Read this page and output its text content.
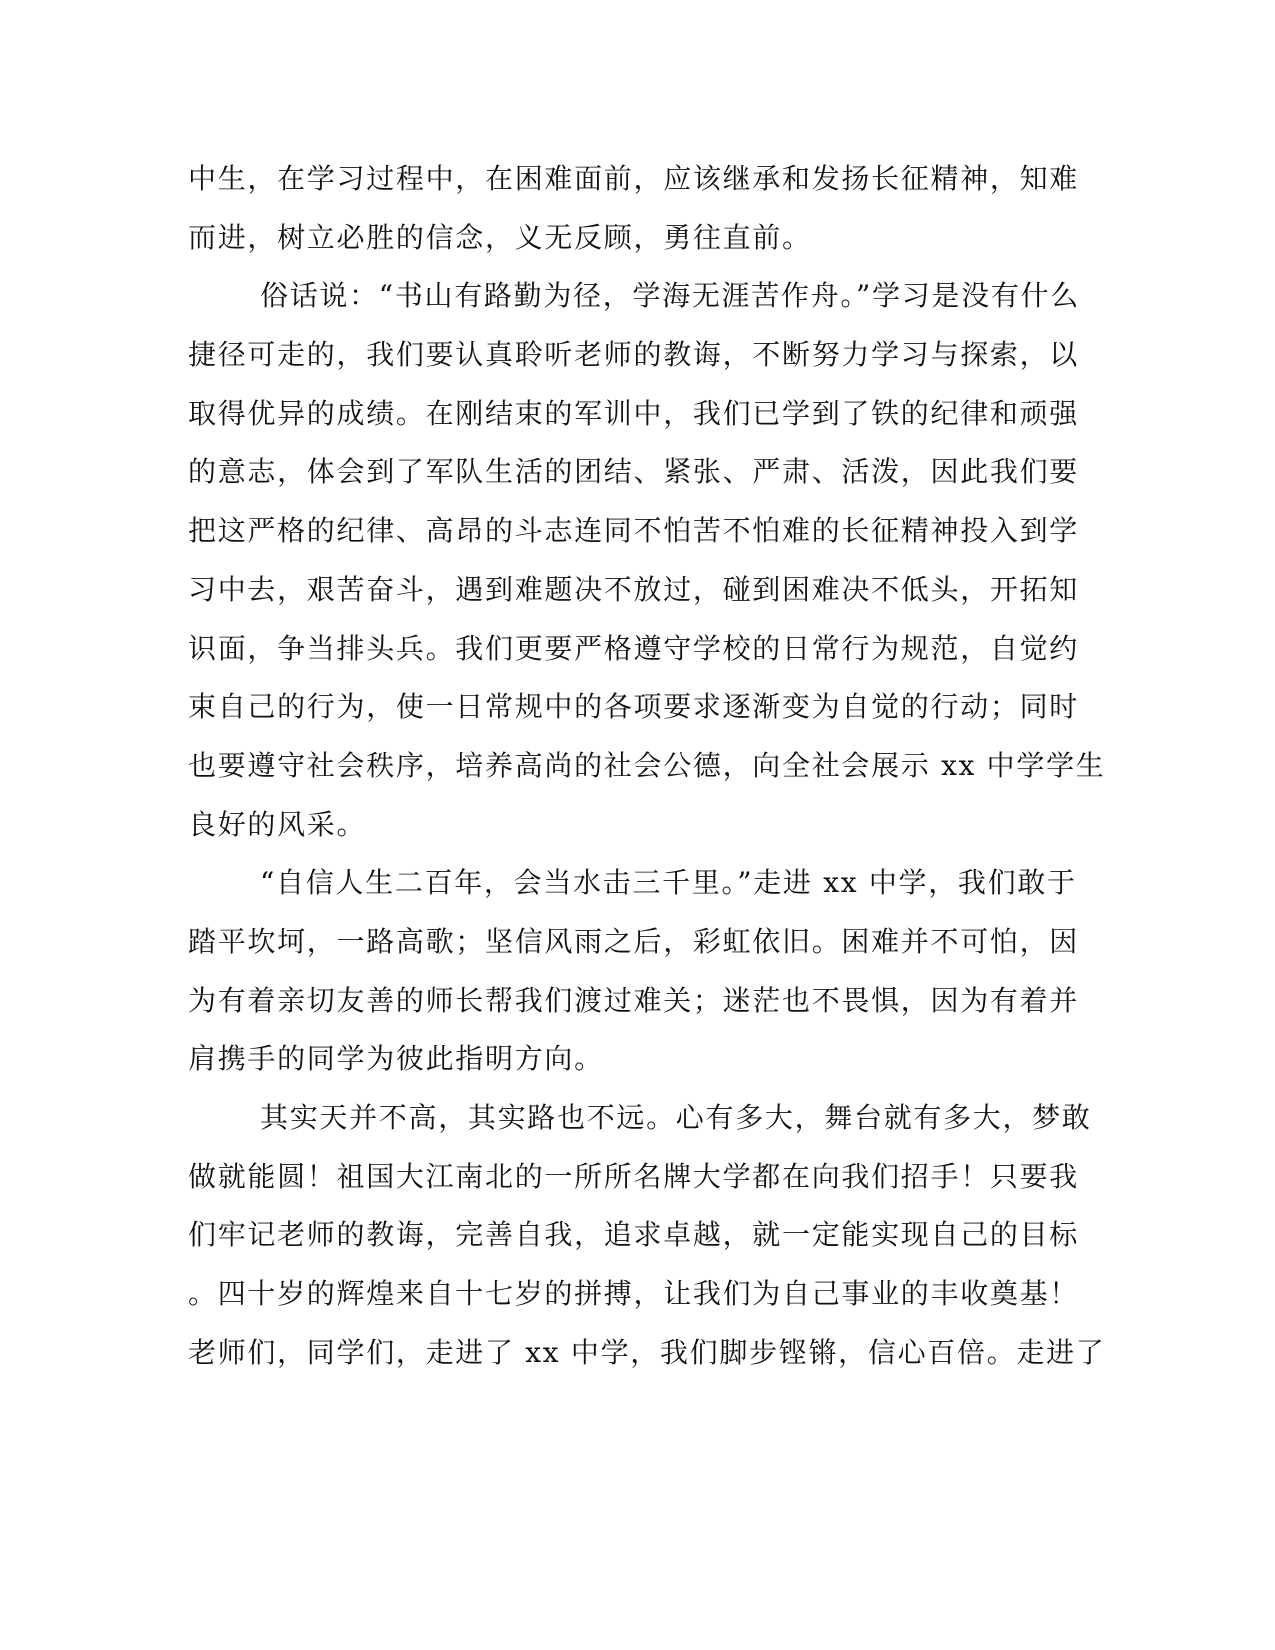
中生，在学习过程中，在困难面前，应该继承和发扬长征精神，知难
而进，树立必胜的信念，义无反顾，勇往直前。
俗话说：“书山有路勤为径，学海无涯苦作舟。”学习是没有什么
捷径可走的，我们要认真聆听老师的教诲，不断努力学习与探索，以
取得优异的成绩。在刚结束的军训中，我们已学到了铁的纪律和顽强
的意志，体会到了军队生活的团结、紧张、严肃、活泼，因此我们要
把这严格的纪律、高昂的斗志连同不怕苦不怕难的长征精神投入到学
习中去，艰苦奋斗，遇到难题决不放过，碰到困难决不低头，开拓知
识面，争当排头兵。我们更要严格遵守学校的日常行为规范，自觉约
束自己的行为，使一日常规中的各项要求逐渐变为自觉的行动；同时
也要遵守社会秩序，培养高尚的社会公德，向全社会展示 xx 中学学生
良好的风采。
“自信人生二百年，会当水击三千里。”走进 xx 中学，我们敢于
踏平坎坷，一路高歌；坚信风雨之后，彩虹依旧。困难并不可怕，因
为有着亲切友善的师长帮我们渡过难关；迷茫也不畏惧，因为有着并
肩携手的同学为彼此指明方向。
其实天并不高，其实路也不远。心有多大，舞台就有多大，梦敢
做就能圆！祖国大江南北的一所所名牌大学都在向我们招手！只要我
们牢记老师的教诲，完善自我，追求卓越，就一定能实现自己的目标
。四十岁的辉煌来自十七岁的拼搏，让我们为自己事业的丰收奠基！
老师们，同学们，走进了 xx 中学，我们脚步铿锵，信心百倍。走进了
